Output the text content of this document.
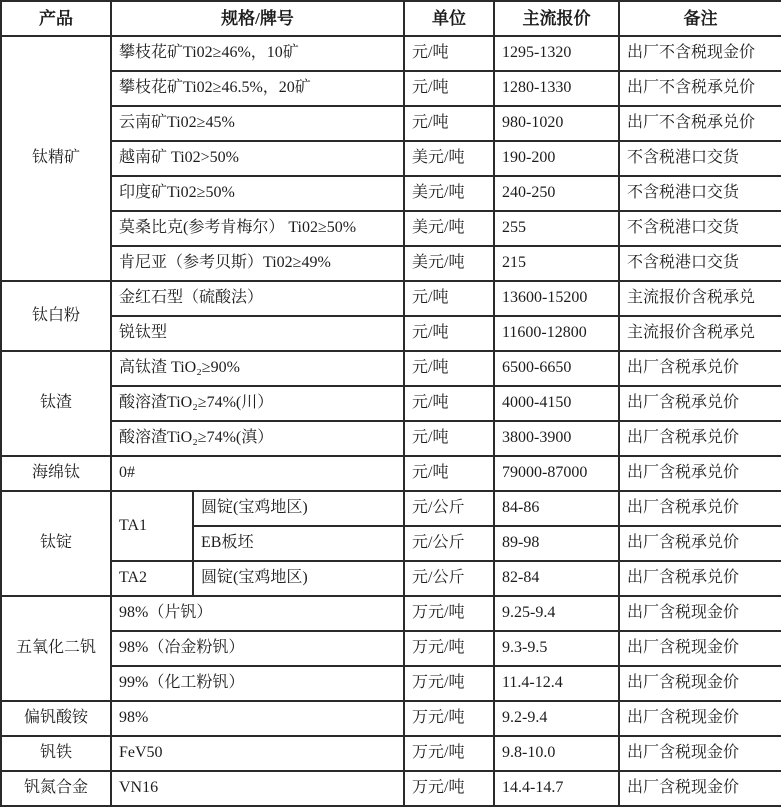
产品	规格/牌号		单位	主流报价	备注
钛精矿	攀枝花矿Ti02≥46%，10矿		元/吨	1295-1320	出厂不含税现金价
	攀枝花矿Ti02≥46.5%，20矿		元/吨	1280-1330	出厂不含税承兑价
	云南矿Ti02≥45%		元/吨	980-1020	出厂不含税承兑价
	越南矿 Ti02>50%		美元/吨	190-200	不含税港口交货
	印度矿Ti02≥50%		美元/吨	240-250	不含税港口交货
	莫桑比克(参考肯梅尔） Ti02≥50%		美元/吨	255	不含税港口交货
	肯尼亚（参考贝斯）Ti02≥49%		美元/吨	215	不含税港口交货
钛白粉	金红石型（硫酸法）		元/吨	13600-15200	主流报价含税承兑
	锐钛型		元/吨	11600-12800	主流报价含税承兑
钛渣	高钛渣 TiO₂≥90%		元/吨	6500-6650	出厂含税承兑价
	酸溶渣TiO₂≥74%(川）		元/吨	4000-4150	出厂含税承兑价
	酸溶渣TiO₂≥74%(滇）		元/吨	3800-3900	出厂含税承兑价
海绵钛	0#		元/吨	79000-87000	出厂含税承兑价
钛锭	TA1	圆锭(宝鸡地区)	元/公斤	84-86	出厂含税承兑价
		EB板坯	元/公斤	89-98	出厂含税承兑价
	TA2	圆锭(宝鸡地区)	元/公斤	82-84	出厂含税承兑价
五氧化二钒	98%（片钒）		万元/吨	9.25-9.4	出厂含税现金价
	98%（冶金粉钒）		万元/吨	9.3-9.5	出厂含税现金价
	99%（化工粉钒）		万元/吨	11.4-12.4	出厂含税现金价
偏钒酸铵	98%		万元/吨	9.2-9.4	出厂含税现金价
钒铁	FeV50		万元/吨	9.8-10.0	出厂含税现金价
钒氮合金	VN16		万元/吨	14.4-14.7	出厂含税现金价
